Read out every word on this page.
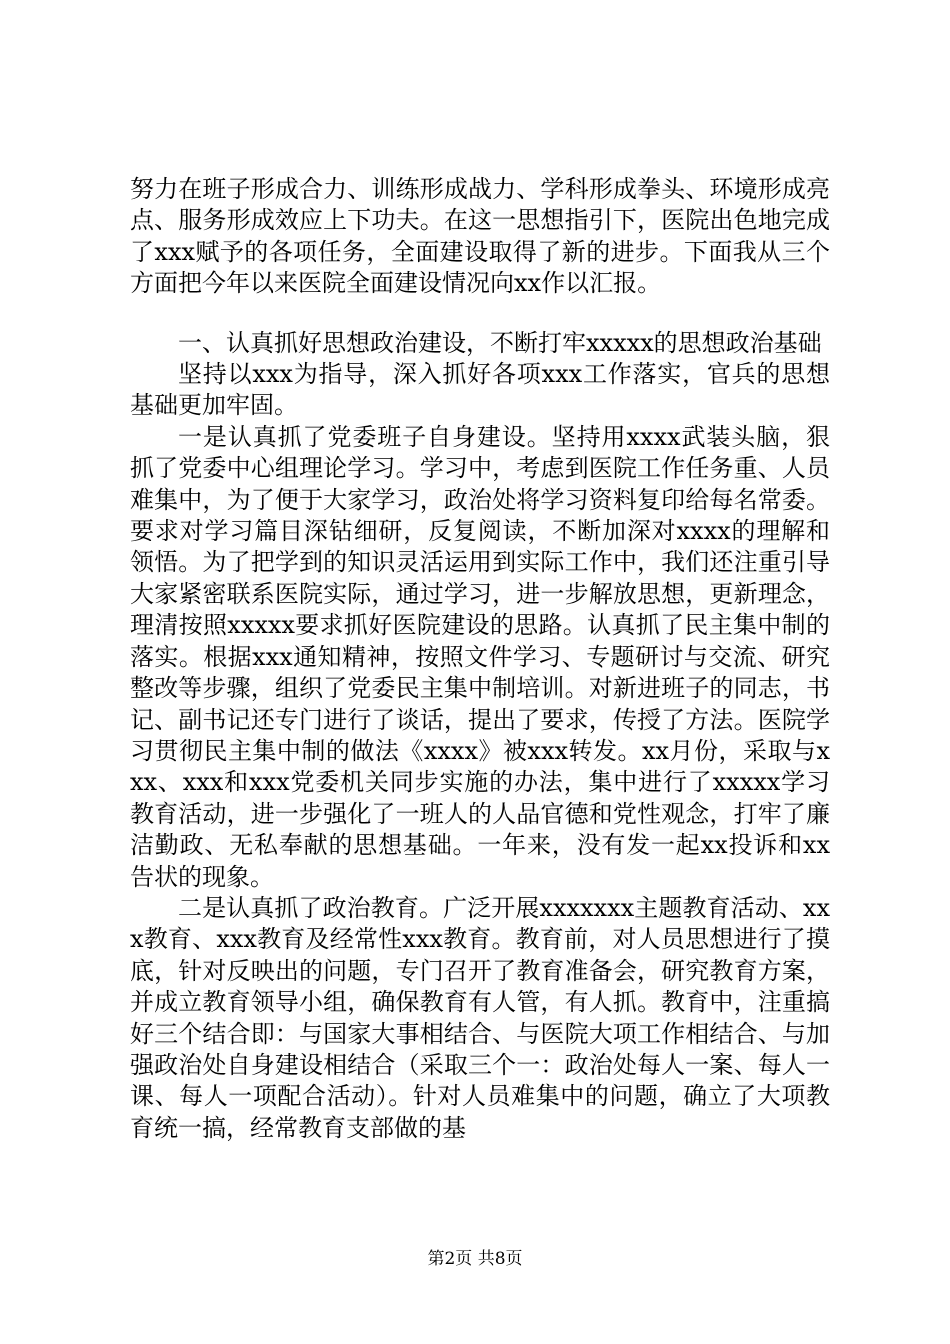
努力在班子形成合力、训练形成战力、学科形成拳头、环境形成亮点、服务形成效应上下功夫。在这一思想指引下，医院出色地完成了xxx赋予的各项任务，全面建设取得了新的进步。下面我从三个方面把今年以来医院全面建设情况向xx作以汇报。

一、认真抓好思想政治建设，不断打牢xxxxx的思想政治基础

坚持以xxx为指导，深入抓好各项xxx工作落实，官兵的思想基础更加牢固。

一是认真抓了党委班子自身建设。坚持用xxxx武装头脑，狠抓了党委中心组理论学习。学习中，考虑到医院工作任务重、人员难集中，为了便于大家学习，政治处将学习资料复印给每名常委。要求对学习篇目深钻细研，反复阅读，不断加深对xxxx的理解和领悟。为了把学到的知识灵活运用到实际工作中，我们还注重引导大家紧密联系医院实际，通过学习，进一步解放思想，更新理念，理清按照xxxxx要求抓好医院建设的思路。认真抓了民主集中制的落实。根据xxx通知精神，按照文件学习、专题研讨与交流、研究整改等步骤，组织了党委民主集中制培训。对新进班子的同志，书记、副书记还专门进行了谈话，提出了要求，传授了方法。医院学习贯彻民主集中制的做法《xxxx》被xxx转发。xx月份，采取与xxx、xxx和xxx党委机关同步实施的办法，集中进行了xxxxx学习教育活动，进一步强化了一班人的人品官德和党性观念，打牢了廉洁勤政、无私奉献的思想基础。一年来，没有发一起xx投诉和xx告状的现象。

二是认真抓了政治教育。广泛开展xxxxxxx主题教育活动、xxx教育、xxx教育及经常性xxx教育。教育前，对人员思想进行了摸底，针对反映出的问题，专门召开了教育准备会，研究教育方案，并成立教育领导小组，确保教育有人管，有人抓。教育中，注重搞好三个结合即：与国家大事相结合、与医院大项工作相结合、与加强政治处自身建设相结合（采取三个一：政治处每人一案、每人一课、每人一项配合活动）。针对人员难集中的问题，确立了大项教育统一搞，经常教育支部做的基

第2页 共8页
